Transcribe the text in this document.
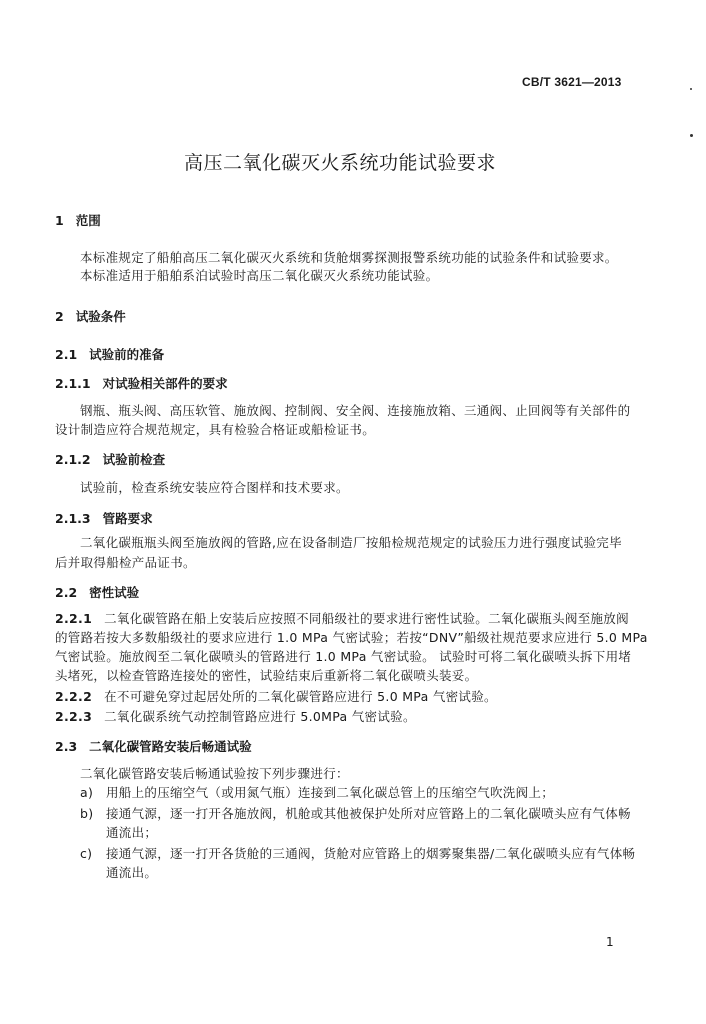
CB/T 3621—2013
高压二氧化碳灭火系统功能试验要求
1 范围
本标准规定了船舶高压二氧化碳灭火系统和货舱烟雾探测报警系统功能的试验条件和试验要求。
本标准适用于船舶系泊试验时高压二氧化碳灭火系统功能试验。
2 试验条件
2.1 试验前的准备
2.1.1 对试验相关部件的要求
钢瓶、瓶头阀、高压软管、施放阀、控制阀、安全阀、连接施放箱、三通阀、止回阀等有关部件的
设计制造应符合规范规定，具有检验合格证或船检证书。
2.1.2 试验前检查
试验前，检查系统安装应符合图样和技术要求。
2.1.3 管路要求
二氧化碳瓶瓶头阀至施放阀的管路,应在设备制造厂按船检规范规定的试验压力进行强度试验完毕
后并取得船检产品证书。
2.2 密性试验
2.2.1 二氧化碳管路在船上安装后应按照不同船级社的要求进行密性试验。二氧化碳瓶头阀至施放阀
的管路若按大多数船级社的要求应进行 1.0 MPa 气密试验；若按“DNV”船级社规范要求应进行 5.0 MPa
气密试验。施放阀至二氧化碳喷头的管路进行 1.0 MPa 气密试验。 试验时可将二氧化碳喷头拆下用堵
头堵死，以检查管路连接处的密性，试验结束后重新将二氧化碳喷头装妥。
2.2.2 在不可避免穿过起居处所的二氧化碳管路应进行 5.0 MPa 气密试验。
2.2.3 二氧化碳系统气动控制管路应进行 5.0MPa 气密试验。
2.3 二氧化碳管路安装后畅通试验
二氧化碳管路安装后畅通试验按下列步骤进行：
a) 用船上的压缩空气（或用氮气瓶）连接到二氧化碳总管上的压缩空气吹洗阀上；
b) 接通气源，逐一打开各施放阀，机舱或其他被保护处所对应管路上的二氧化碳喷头应有气体畅
通流出；
c) 接通气源，逐一打开各货舱的三通阀，货舱对应管路上的烟雾聚集器/二氧化碳喷头应有气体畅
通流出。
1
